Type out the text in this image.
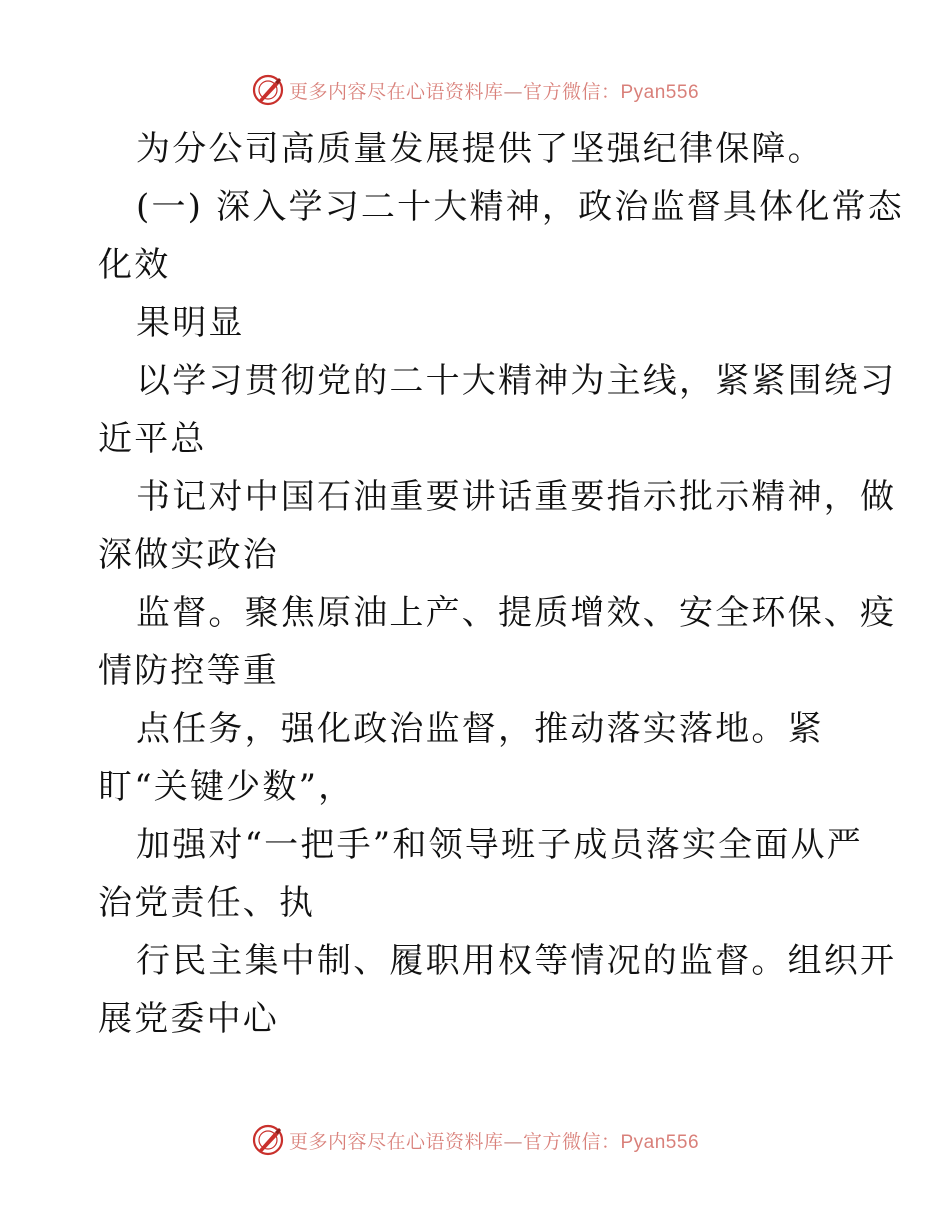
更多内容尽在心语资料库—官方微信：Pyan556
为分公司高质量发展提供了坚强纪律保障。
(一) 深入学习二十大精神，政治监督具体化常态
化效
果明显
以学习贯彻党的二十大精神为主线，紧紧围绕习
近平总
书记对中国石油重要讲话重要指示批示精神，做
深做实政治
监督。聚焦原油上产、提质增效、安全环保、疫
情防控等重
点任务，强化政治监督，推动落实落地。紧
盯“关键少数”，
加强对“一把手”和领导班子成员落实全面从严
治党责任、执
行民主集中制、履职用权等情况的监督。组织开
展党委中心
更多内容尽在心语资料库—官方微信：Pyan556
